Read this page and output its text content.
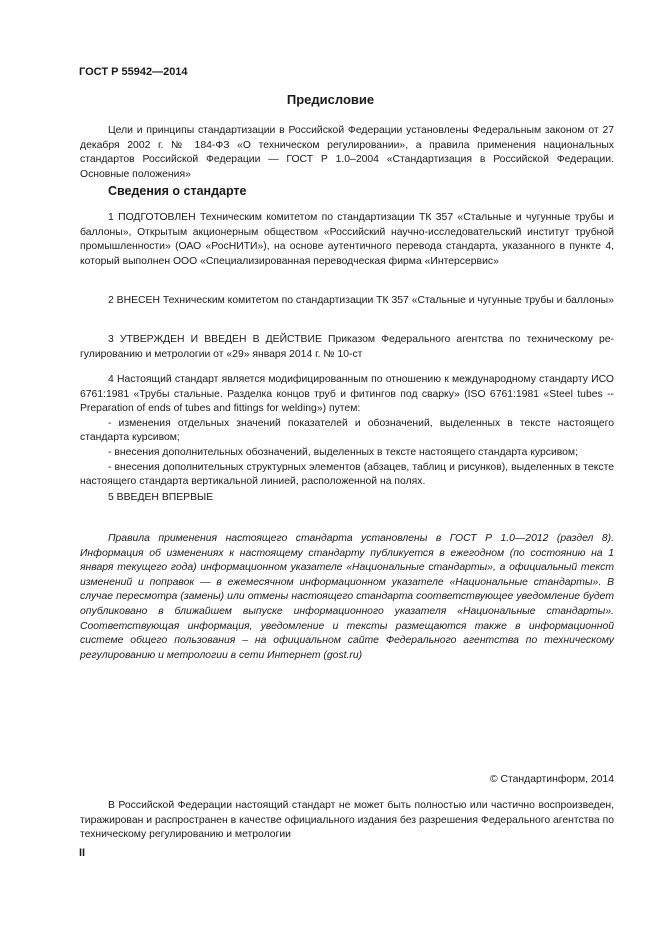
ГОСТ Р 55942—2014
Предисловие

Цели и принципы стандартизации в Российской Федерации установлены Федеральным законом от 27 декабря 2002 г. № 184-ФЗ «О техническом регулировании», а правила применения национальных стандартов Российской Федерации — ГОСТ Р 1.0–2004 «Стандартизация в Российской Федерации. Основные положения»

Сведения о стандарте

1 ПОДГОТОВЛЕН Техническим комитетом по стандартизации ТК 357 «Стальные и чугунные трубы и баллоны», Открытым акционерным обществом «Российский научно-исследовательский институт трубной промышленности» (ОАО «РосНИТИ»), на основе аутентичного перевода стандарта, указанного в пункте 4, который выполнен ООО «Специализированная переводческая фирма «Интерсервис»

2 ВНЕСЕН Техническим комитетом по стандартизации ТК 357 «Стальные и чугунные трубы и баллоны»

3 УТВЕРЖДЕН И ВВЕДЕН В ДЕЙСТВИЕ Приказом Федерального агентства по техническому регулированию и метрологии от «29» января 2014 г. № 10-ст

4 Настоящий стандарт является модифицированным по отношению к международному стандарту ИСО 6761:1981 «Трубы стальные. Разделка концов труб и фитингов под сварку» (ISO 6761:1981 «Steel tubes -- Preparation of ends of tubes and fittings for welding») путем:

- изменения отдельных значений показателей и обозначений, выделенных в тексте настоящего стандарта курсивом;

- внесения дополнительных обозначений, выделенных в тексте настоящего стандарта курсивом;

- внесения дополнительных структурных элементов (абзацев, таблиц и рисунков), выделенных в тексте настоящего стандарта вертикальной линией, расположенной на полях.

5 ВВЕДЕН ВПЕРВЫЕ

Правила применения настоящего стандарта установлены в ГОСТ Р 1.0—2012 (раздел 8). Информация об изменениях к настоящему стандарту публикуется в ежегодном (по состоянию на 1 января текущего года) информационном указателе «Национальные стандарты», а официальный текст изменений и поправок — в ежемесячном информационном указателе «Национальные стандарты». В случае пересмотра (замены) или отмены настоящего стандарта соответствующее уведомление будет опубликовано в ближайшем выпуске информационного указателя «Национальные стандарты». Соответствующая информация, уведомление и тексты размещаются также в информационной системе общего пользования – на официальном сайте Федерального агентства по техническому регулированию и метрологии в сети Интернет (gost.ru)

© Стандартинформ, 2014

В Российской Федерации настоящий стандарт не может быть полностью или частично воспроизведен, тиражирован и распространен в качестве официального издания без разрешения Федерального агентства по техническому регулированию и метрологии

II
